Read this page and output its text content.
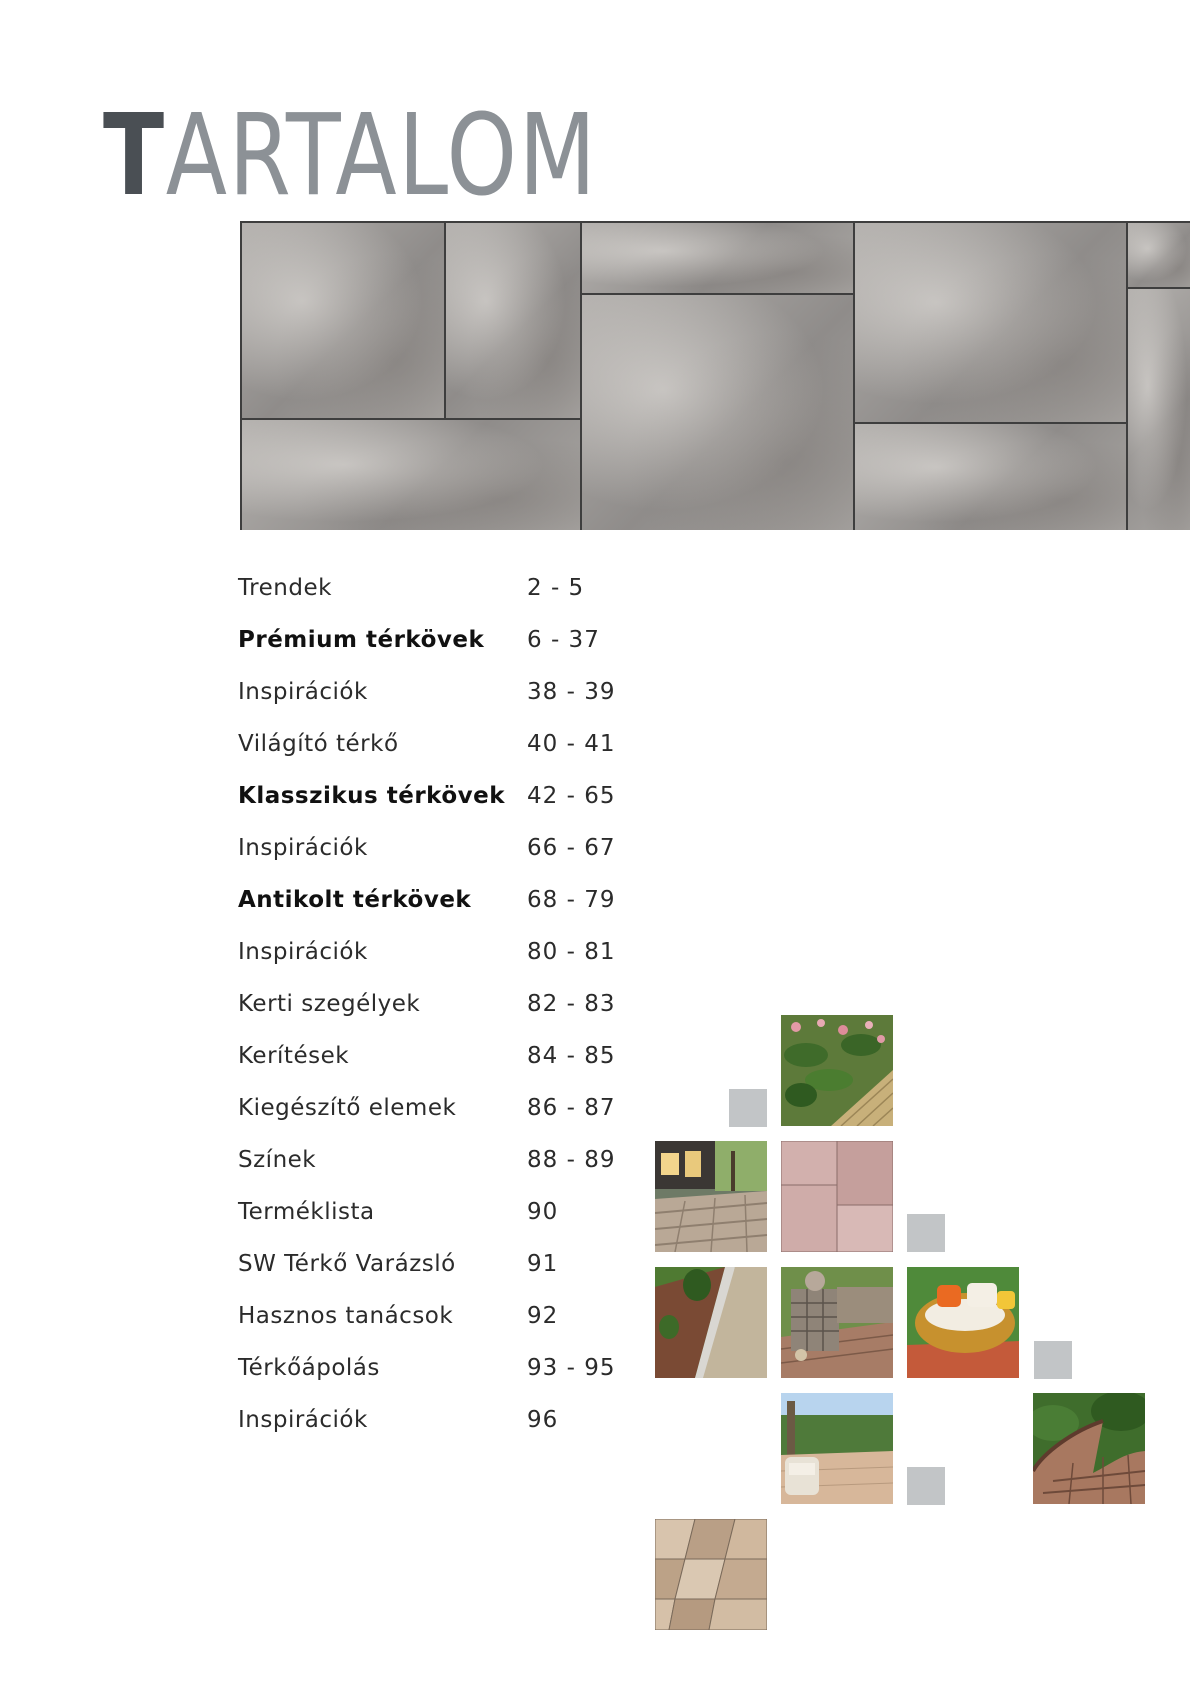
TARTALOM
Trendek	2 - 5
Prémium térkövek 6 - 37
Inspirációk	38 - 39
Világító térkő	40 - 41
Klasszikus térkövek 42 - 65
Inspirációk	66 - 67
Antikolt térkövek 68 - 79
Inspirációk	80 - 81
Kerti szegélyek	82 - 83
Kerítések	84 - 85
Kiegészítő elemek	86 - 87
Színek	88 - 89
Terméklista	90
SW Térkő Varázsló	91
Hasznos tanácsok	92
Térkőápolás	93 - 95
Inspirációk	96
